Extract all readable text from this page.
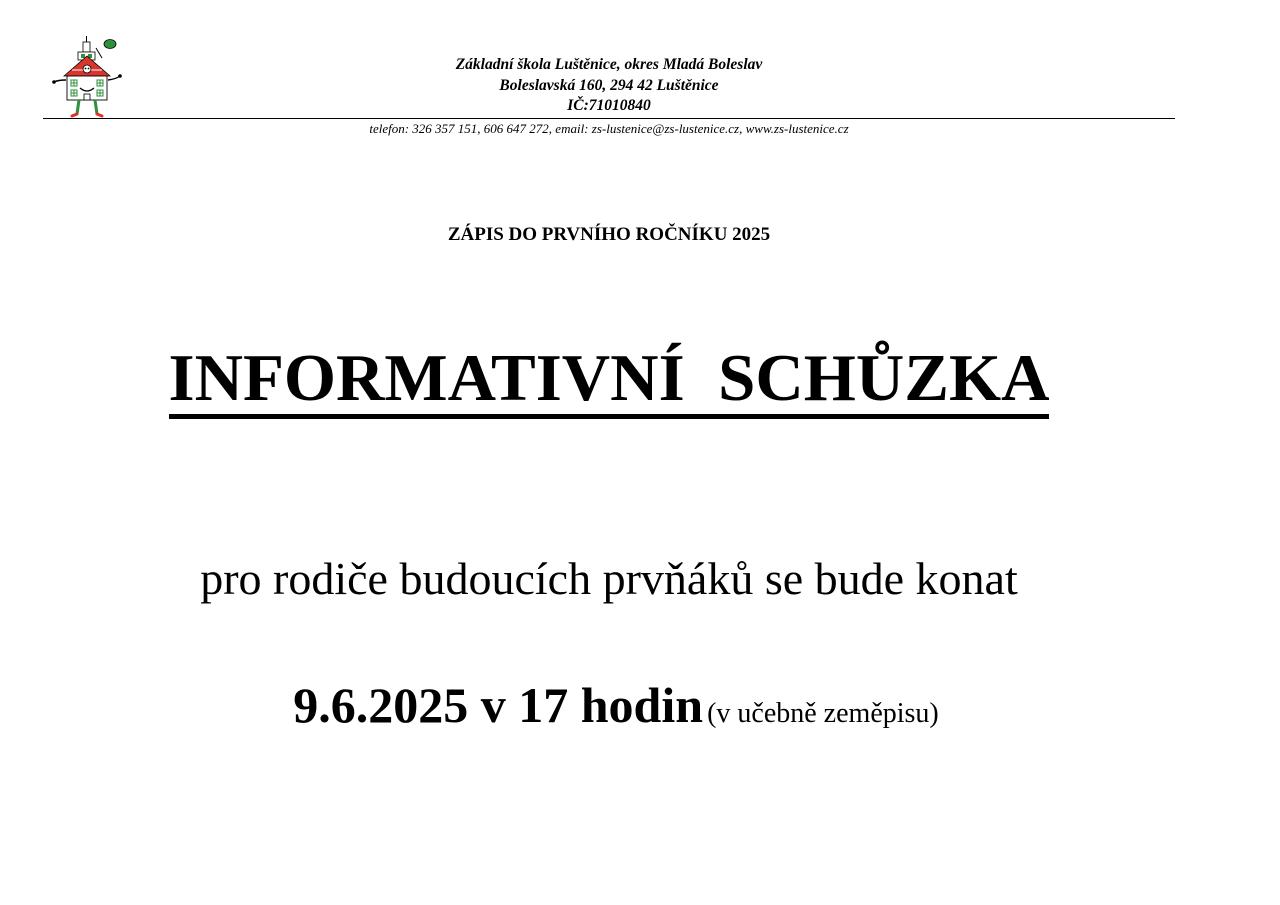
Základní škola Luštěnice, okres Mladá Boleslav
Boleslavská 160, 294 42 Luštěnice
IČ:71010840
telefon: 326 357 151, 606 647 272, email: zs-lustenice@zs-lustenice.cz, www.zs-lustenice.cz
ZÁPIS DO PRVNÍHO ROČNÍKU 2025
INFORMATIVNÍ  SCHŮZKA
pro rodiče budoucích prvňáků se bude konat
9.6.2025 v 17 hodin (v učebně zeměpisu)
